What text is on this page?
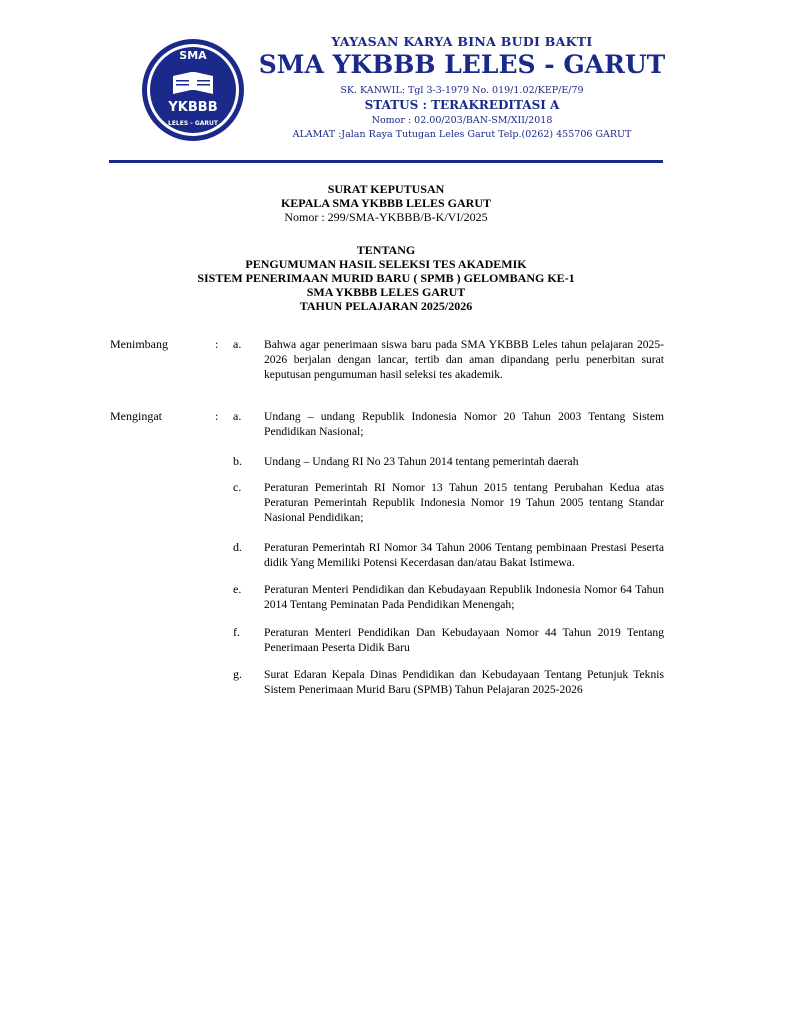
SMA
YKBBB
LELES - GARUT
YAYASAN KARYA BINA BUDI BAKTI
SMA YKBBB LELES - GARUT
SK. KANWIL: Tgl 3-3-1979 No. 019/1.02/KEP/E/79
STATUS : TERAKREDITASI A
Nomor : 02.00/203/BAN-SM/XII/2018
ALAMAT :Jalan Raya Tutugan Leles Garut Telp.(0262) 455706 GARUT
SURAT KEPUTUSAN
KEPALA SMA YKBBB LELES GARUT
Nomor : 299/SMA-YKBBB/B-K/VI/2025
TENTANG
PENGUMUMAN HASIL SELEKSI TES AKADEMIK
SISTEM PENERIMAAN MURID BARU ( SPMB ) GELOMBANG KE-1
SMA YKBBB LELES GARUT
TAHUN PELAJARAN 2025/2026
Menimbang	: a. Bahwa agar penerimaan siswa baru pada SMA YKBBB Leles tahun pelajaran 2025-2026 berjalan dengan lancar, tertib dan aman dipandang perlu penerbitan surat keputusan pengumuman hasil seleksi tes akademik.
Mengingat	: a. Undang – undang Republik Indonesia Nomor 20 Tahun 2003 Tentang Sistem Pendidikan Nasional;
b. Undang – Undang RI No 23 Tahun 2014 tentang pemerintah daerah
c. Peraturan Pemerintah RI Nomor 13 Tahun 2015 tentang Perubahan Kedua atas Peraturan Pemerintah Republik Indonesia Nomor 19 Tahun 2005 tentang Standar Nasional Pendidikan;
d. Peraturan Pemerintah RI Nomor 34 Tahun 2006 Tentang pembinaan Prestasi Peserta didik Yang Memiliki Potensi Kecerdasan dan/atau Bakat Istimewa.
e. Peraturan Menteri Pendidikan dan Kebudayaan Republik Indonesia Nomor 64 Tahun 2014 Tentang Peminatan Pada Pendidikan Menengah;
f. Peraturan Menteri Pendidikan Dan Kebudayaan Nomor 44 Tahun 2019 Tentang Penerimaan Peserta Didik Baru
g. Surat Edaran Kepala Dinas Pendidikan dan Kebudayaan Tentang Petunjuk Teknis Sistem Penerimaan Murid Baru (SPMB) Tahun Pelajaran 2025-2026
